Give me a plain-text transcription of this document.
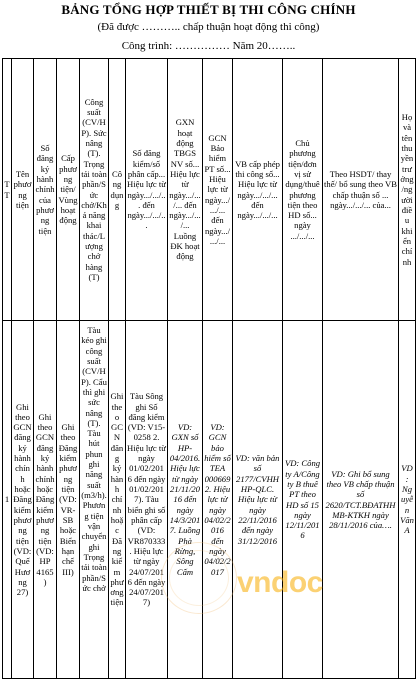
BẢNG TỔNG HỢP THIẾT BỊ THI CÔNG CHÍNH
(Đã được ……….. chấp thuận hoạt động thi công)
Công trình: …………… Năm 20……..
T T	Tên phương tiện	Số đăng ký hành chính của phương tiện	Cấp phương tiện/ Vùng hoạt động	Công suất (CV/HP). Sức nâng (T). Trọng tải toàn phần/Sức chở/Khả năng khai thác/Lượng chở hàng (T)	Công dụng	Số đăng kiểm/số phân cấp... Hiệu lực từ ngày.../.../... đến ngày.../.../...	GXN hoạt động TBGS NV số... Hiệu lực từ ngày.../.../... đến ngày.../.../... Luồng ĐK hoạt động	GCN Bảo hiểm PT số... Hiệu lực từ ngày.../.../... đến ngày.../.../...	VB cấp phép thi công số... Hiệu lực từ ngày.../.../... đến ngày.../.../...	Chủ phương tiện/đơn vị sử dụng/thuê phương tiện theo HD số... ngày .../.../...	Theo HSDT/ thay thế/ bổ sung theo VB chấp thuận số ... ngày.../.../... của...	Họ và tên thuyền trưởng/người điều khiển chính
1	Ghi theo GCN đăng ký hành chính hoặc Đăng kiểm phương tiện (VD: Quế Hương 27)	Ghi theo GCN đăng ký hành chính hoặc Đăng kiểm phương tiện (VD: HP 4165)	Ghi theo Đăng kiểm phương tiện (VD: VR-SB hoặc Biển hạn chế III)	Tàu kéo ghi công suất (CV/HP). Cẩu thì ghi sức nâng (T). Tàu hút phun ghi năng suất (m3/h). Phương tiện vận chuyển ghi Trọng tải toàn phần/Sức chở	Ghi theo GCN đăng ký hành chính hoặc Đăng kiểm phương tiện	Tàu Sông ghi Số đăng kiểm (VD: V15-0258 2. Hiệu lực từ ngày 01/02/2016 đến ngày 01/02/2017). Tàu biển ghi số phân cấp (VD: VR870333. Hiệu lực từ ngày 24/07/2016 đến ngày 24/07/2017)	VD: GXN số HP-04/2016. Hiệu lực từ ngày 21/11/2016 đến ngày 14/3/2017. Luồng Phà Rừng, Sông Cấm	VD: GCN bảo hiểm số TEA 000669 2. Hiệu lực từ ngày 04/02/2016 đến ngày 04/02/2017	VD: văn bản số 2177/CVHH HP-QLC. Hiệu lực từ ngày 22/11/2016 đến ngày 31/12/2016	VD: Công ty A/Công ty B thuê PT theo HD số 15 ngày 12/11/2016	VD: Ghi bổ sung theo VB chấp thuận số 2620/TCT.BĐATHHMB-KTKH ngày 28/11/2016 của….	VD: Nguyễn Văn A
vndoc
